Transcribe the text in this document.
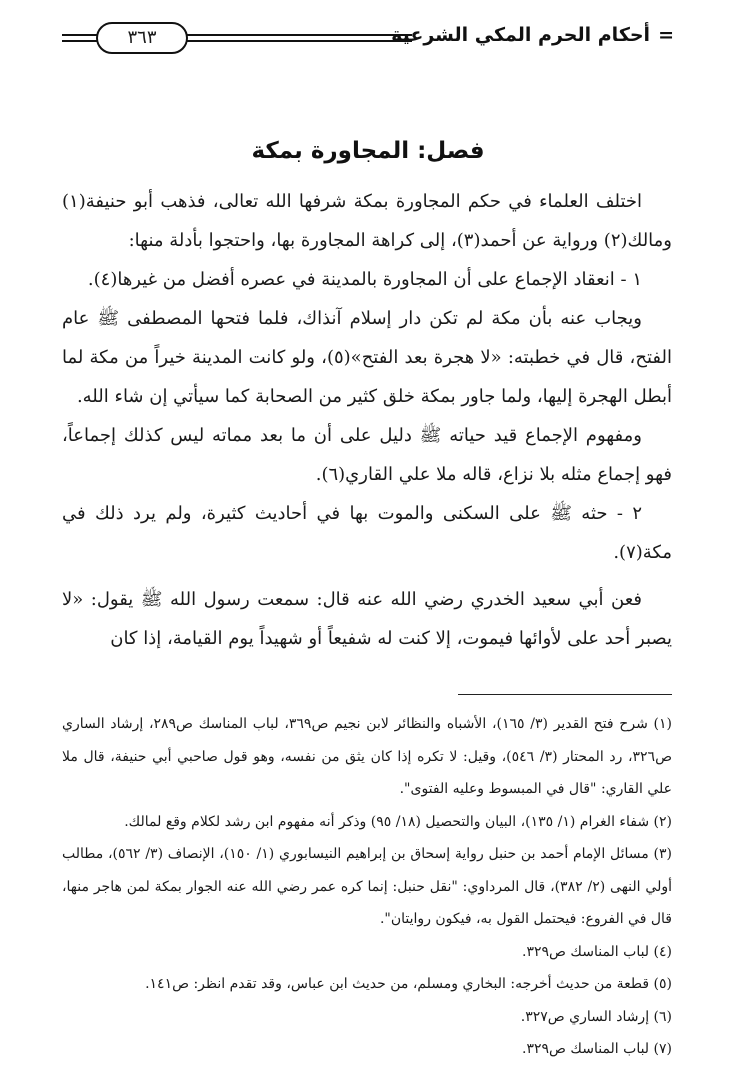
=أحكام الحرم المكي الشرعية
٣٦٣
فصل: المجاورة بمكة

اختلف العلماء في حكم المجاورة بمكة شرفها الله تعالى، فذهب أبو حنيفة(١) ومالك(٢) ورواية عن أحمد(٣)، إلى كراهة المجاورة بها، واحتجوا بأدلة منها:

١ - انعقاد الإجماع على أن المجاورة بالمدينة في عصره أفضل من غيرها(٤).

ويجاب عنه بأن مكة لم تكن دار إسلام آنذاك، فلما فتحها المصطفى ﷺ عام الفتح، قال في خطبته: «لا هجرة بعد الفتح»(٥)، ولو كانت المدينة خيراً من مكة لما أبطل الهجرة إليها، ولما جاور بمكة خلق كثير من الصحابة كما سيأتي إن شاء الله.

ومفهوم الإجماع قيد حياته ﷺ دليل على أن ما بعد مماته ليس كذلك إجماعاً، فهو إجماع مثله بلا نزاع، قاله ملا علي القاري(٦).

٢ - حثه ﷺ على السكنى والموت بها في أحاديث كثيرة، ولم يرد ذلك في مكة(٧).

فعن أبي سعيد الخدري رضي الله عنه قال: سمعت رسول الله ﷺ يقول: «لا يصبر أحد على لأوائها فيموت، إلا كنت له شفيعاً أو شهيداً يوم القيامة، إذا كان

(١) شرح فتح القدير (٣/ ١٦٥)، الأشباه والنظائر لابن نجيم ص٣٦٩، لباب المناسك ص٢٨٩، إرشاد الساري ص٣٢٦، رد المحتار (٣/ ٥٤٦)، وقيل: لا تكره إذا كان يثق من نفسه، وهو قول صاحبي أبي حنيفة، قال ملا علي القاري: "قال في المبسوط وعليه الفتوى".

(٢) شفاء الغرام (١/ ١٣٥)، البيان والتحصيل (١٨/ ٩٥) وذكر أنه مفهوم ابن رشد لكلام وقع لمالك.

(٣) مسائل الإمام أحمد بن حنبل رواية إسحاق بن إبراهيم النيسابوري (١/ ١٥٠)، الإنصاف (٣/ ٥٦٢)، مطالب أولي النهى (٢/ ٣٨٢)، قال المرداوي: "نقل حنبل: إنما كره عمر رضي الله عنه الجوار بمكة لمن هاجر منها، قال في الفروع: فيحتمل القول به، فيكون روايتان".

(٤) لباب المناسك ص٣٢٩.

(٥) قطعة من حديث أخرجه: البخاري ومسلم، من حديث ابن عباس، وقد تقدم انظر: ص١٤١.

(٦) إرشاد الساري ص٣٢٧.

(٧) لباب المناسك ص٣٢٩.
